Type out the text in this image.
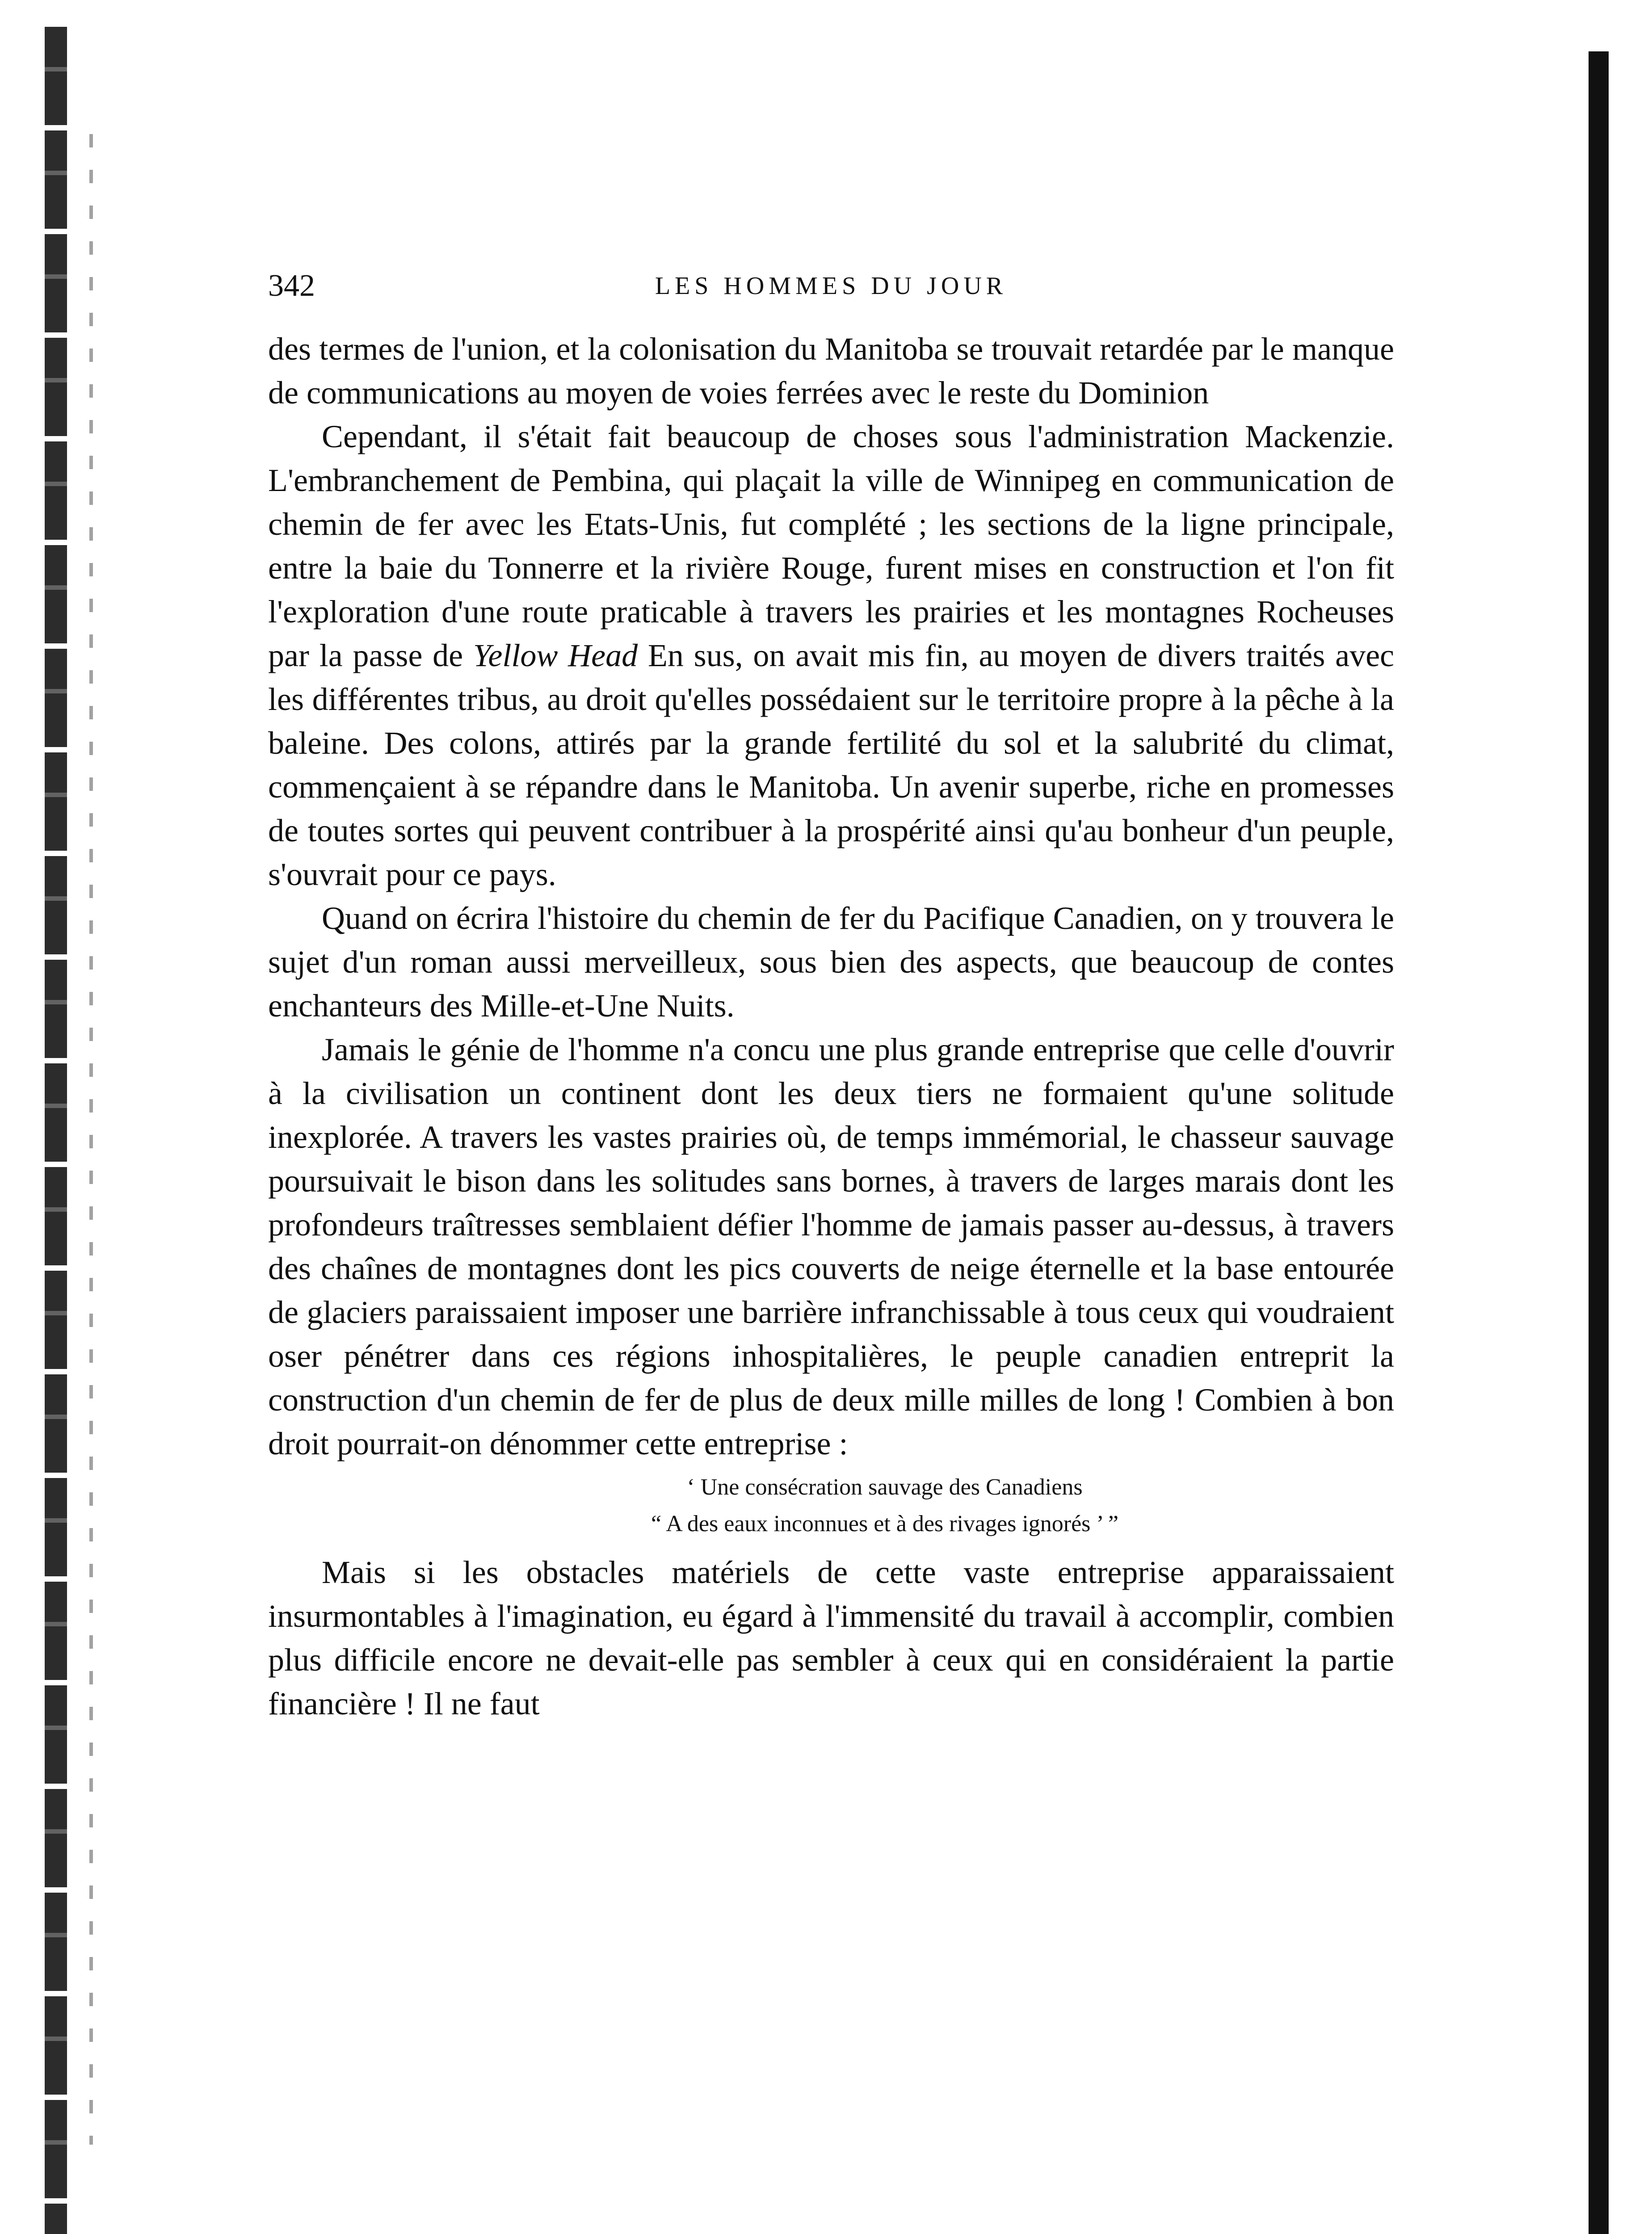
342	LES HOMMES DU JOUR

des termes de l'union, et la colonisation du Manitoba se trouvait retardée par le manque de communications au moyen de voies ferrées avec le reste du Dominion

Cependant, il s'était fait beaucoup de choses sous l'administration Mackenzie. L'embranchement de Pembina, qui plaçait la ville de Winnipeg en communication de chemin de fer avec les Etats-Unis, fut complété ; les sections de la ligne principale, entre la baie du Tonnerre et la rivière Rouge, furent mises en construction et l'on fit l'exploration d'une route praticable à travers les prairies et les montagnes Rocheuses par la passe de Yellow Head En sus, on avait mis fin, au moyen de divers traités avec les différentes tribus, au droit qu'elles possédaient sur le territoire propre à la pêche à la baleine. Des colons, attirés par la grande fertilité du sol et la salubrité du climat, commençaient à se répandre dans le Manitoba. Un avenir superbe, riche en promesses de toutes sortes qui peuvent contribuer à la prospérité ainsi qu'au bonheur d'un peuple, s'ouvrait pour ce pays.

Quand on écrira l'histoire du chemin de fer du Pacifique Canadien, on y trouvera le sujet d'un roman aussi merveilleux, sous bien des aspects, que beaucoup de contes enchanteurs des Mille-et-Une Nuits.

Jamais le génie de l'homme n'a concu une plus grande entreprise que celle d'ouvrir à la civilisation un continent dont les deux tiers ne formaient qu'une solitude inexplorée. A travers les vastes prairies où, de temps immémorial, le chasseur sauvage poursuivait le bison dans les solitudes sans bornes, à travers de larges marais dont les profondeurs traîtresses semblaient défier l'homme de jamais passer au-dessus, à travers des chaînes de montagnes dont les pics couverts de neige éternelle et la base entourée de glaciers paraissaient imposer une barrière infranchissable à tous ceux qui voudraient oser pénétrer dans ces régions inhospitalières, le peuple canadien entreprit la construction d'un chemin de fer de plus de deux mille milles de long ! Combien à bon droit pourrait-on dénommer cette entreprise :

‘ Une consécration sauvage des Canadiens
“ A des eaux inconnues et à des rivages ignorés ’ ”

Mais si les obstacles matériels de cette vaste entreprise apparaissaient insurmontables à l'imagination, eu égard à l'immensité du travail à accomplir, combien plus difficile encore ne devait-elle pas sembler à ceux qui en considéraient la partie financière ! Il ne faut
